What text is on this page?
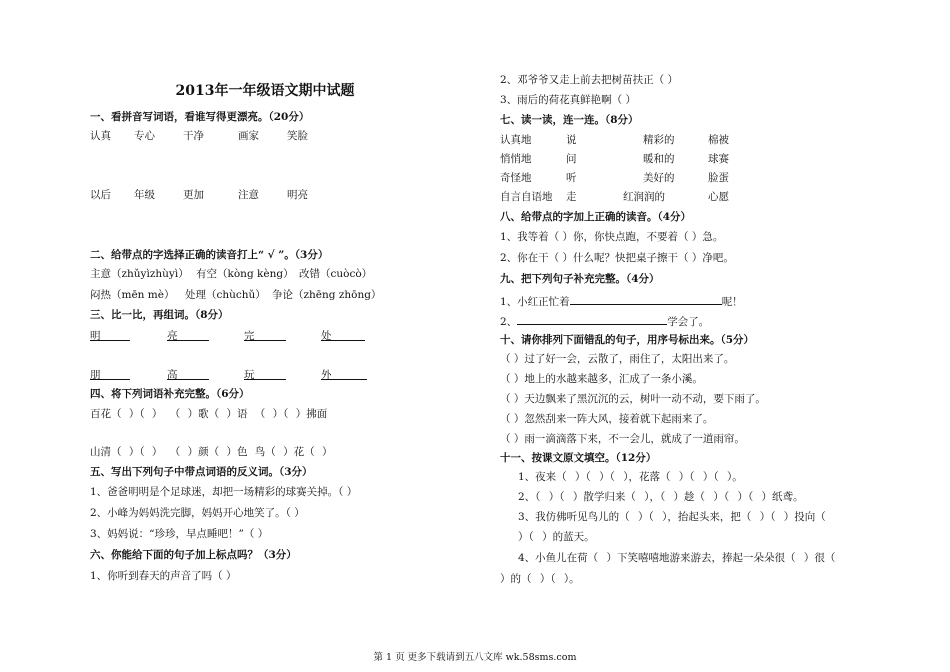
2013年一年级语文期中试题
一、看拼音写词语，看谁写得更漂亮。（20分）
认真 专心	干净	画家	笑脸
以后 年级	更加	注意	明亮
二、给带点的字选择正确的读音打上“ √ ”。（3分）
主意（zhǔyìzhùyì） 有空（kòng kèng） 改错（cuòcò）
闷热（mēn mè） 处理（chùchǔ） 争论（zhēng zhōng）
三、比一比，再组词。（8分）
明	亮	完	处
朋	高	玩	外
四、将下列词语补充完整。（6分）
百花（ ）（ ） （ ）歌（ ）语 （ ）（ ）拂面
山清（ ）（ ） （ ）颜（ ）色 鸟（ ）花（ ）
五、写出下列句子中带点词语的反义词。（3分）
1、爸爸明明是个足球迷，却把一场精彩的球赛关掉。（ ）
2、小峰为妈妈洗完脚，妈妈开心地笑了。（ ）
3、妈妈说：“珍珍，早点睡吧！”（ ）
六、你能给下面的句子加上标点吗？（3分）
1、你听到春天的声音了吗（ ）
2、邓爷爷又走上前去把树苗扶正（ ）
3、雨后的荷花真鲜艳啊（ ）
七、读一读，连一连。（8分）
认真地	说	精彩的	棉被
悄悄地	问	暖和的	球赛
奇怪地	听	美好的	脸蛋
自言自语地 走	红润润的	心愿
八、给带点的字加上正确的读音。（4分）
1、我等着（ ）你，你快点跑，不要着（ ）急。
2、你在干（ ）什么呢？快把桌子擦干（ ）净吧。
九、把下列句子补充完整。（4分）
1、小红正忙着	呢！
2、	学会了。
十、请你排列下面错乱的句子，用序号标出来。（5分）
（ ）过了好一会，云散了，雨住了，太阳出来了。
（ ）地上的水越来越多，汇成了一条小溪。
（ ）天边飘来了黑沉沉的云，树叶一动不动，要下雨了。
（ ）忽然刮来一阵大风，接着就下起雨来了。
（ ）雨一滴滴落下来，不一会儿，就成了一道雨帘。
十一、按课文原文填空。（12分）
1、夜来（ ）（ ）（ ），花落（ ）（ ）（ ）。
2、（ ）（ ）散学归来（ ），（ ）趁（ ）（ ）（ ）纸鸢。
3、我仿佛听见鸟儿的（ ）（ ），抬起头来，把（ ）（ ）投向（
）（ ）的蓝天。
4、小鱼儿在荷（ ）下笑嘻嘻地游来游去，捧起一朵朵很（ ）很（
）的（ ）（ ）。
第 1 页 更多下载请到五八文库 wk.58sms.com
